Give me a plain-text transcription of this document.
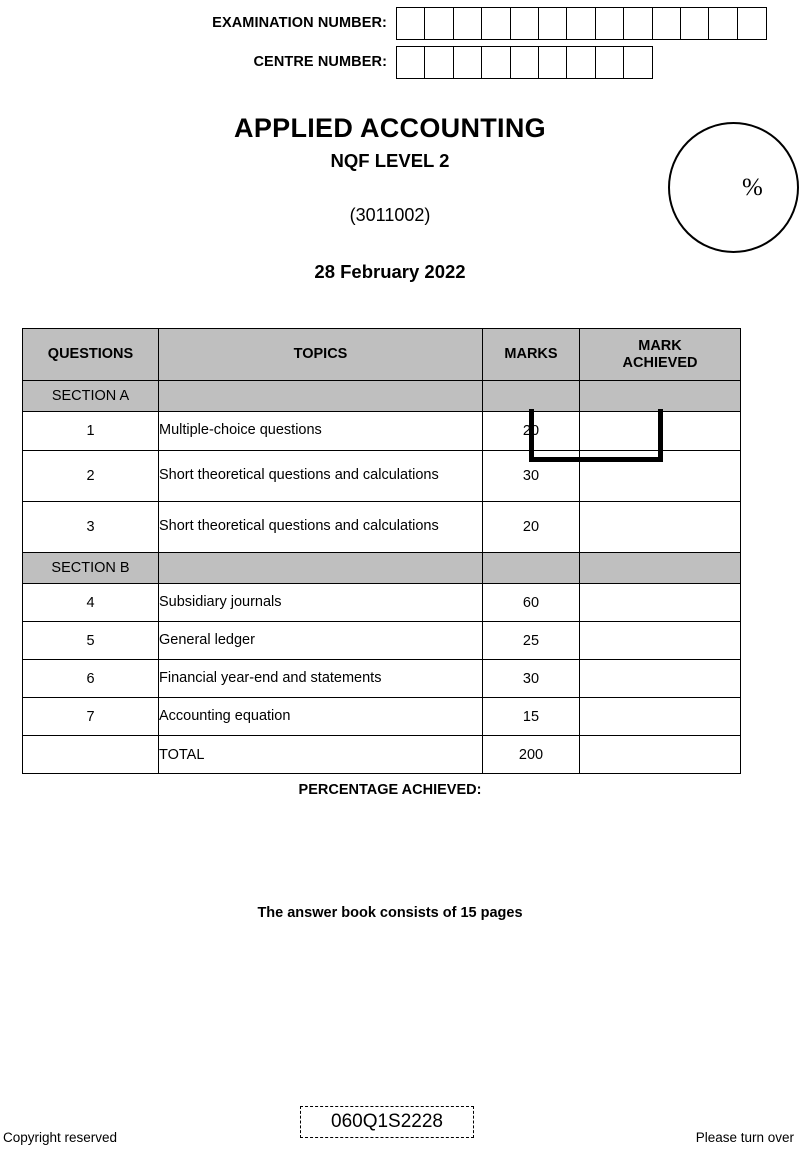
EXAMINATION NUMBER:
CENTRE NUMBER:
APPLIED ACCOUNTING
NQF LEVEL 2
(3011002)
28 February 2022
%
QUESTIONS	TOPICS	MARKS	MARK
ACHIEVED
SECTION A			
1	Multiple-choice questions	20	
2	Short theoretical questions and calculations	30	
3	Short theoretical questions and calculations	20	
SECTION B			
4	Subsidiary journals	60	
5	General ledger	25	
6	Financial year-end and statements	30	
7	Accounting equation	15	
	TOTAL	200	
PERCENTAGE ACHIEVED:
The answer book consists of 15 pages
060Q1S2228
Copyright reserved	Please turn over
